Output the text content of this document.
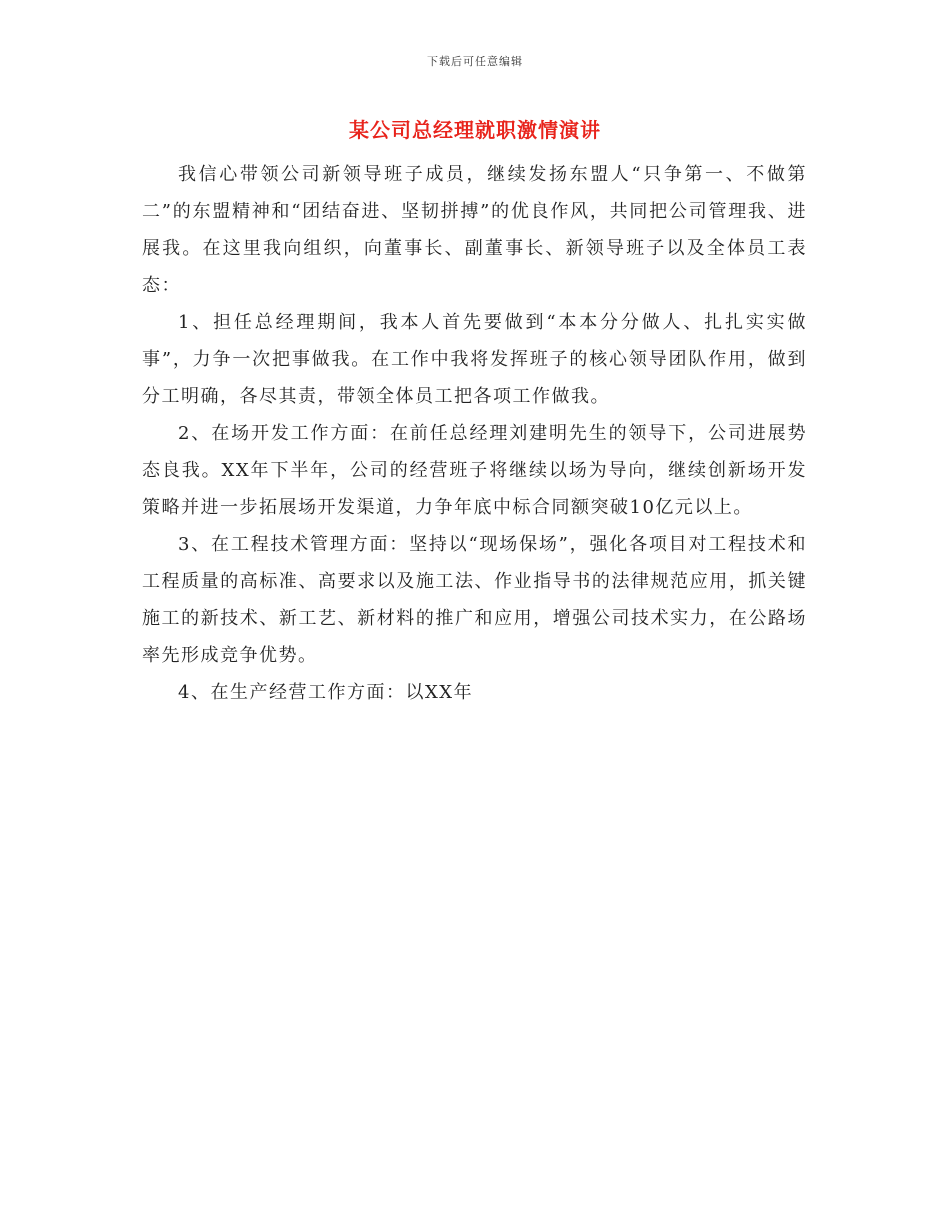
下载后可任意编辑
某公司总经理就职激情演讲

我信心带领公司新领导班子成员，继续发扬东盟人“只争第一、不做第二”的东盟精神和“团结奋进、坚韧拼搏”的优良作风，共同把公司管理我、进展我。在这里我向组织，向董事长、副董事长、新领导班子以及全体员工表态：

1、担任总经理期间，我本人首先要做到“本本分分做人、扎扎实实做事”，力争一次把事做我。在工作中我将发挥班子的核心领导团队作用，做到分工明确，各尽其责，带领全体员工把各项工作做我。

2、在场开发工作方面：在前任总经理刘建明先生的领导下，公司进展势态良我。XX年下半年，公司的经营班子将继续以场为导向，继续创新场开发策略并进一步拓展场开发渠道，力争年底中标合同额突破10亿元以上。

3、在工程技术管理方面：坚持以“现场保场”，强化各项目对工程技术和工程质量的高标准、高要求以及施工法、作业指导书的法律规范应用，抓关键施工的新技术、新工艺、新材料的推广和应用，增强公司技术实力，在公路场率先形成竞争优势。

4、在生产经营工作方面：以XX年
